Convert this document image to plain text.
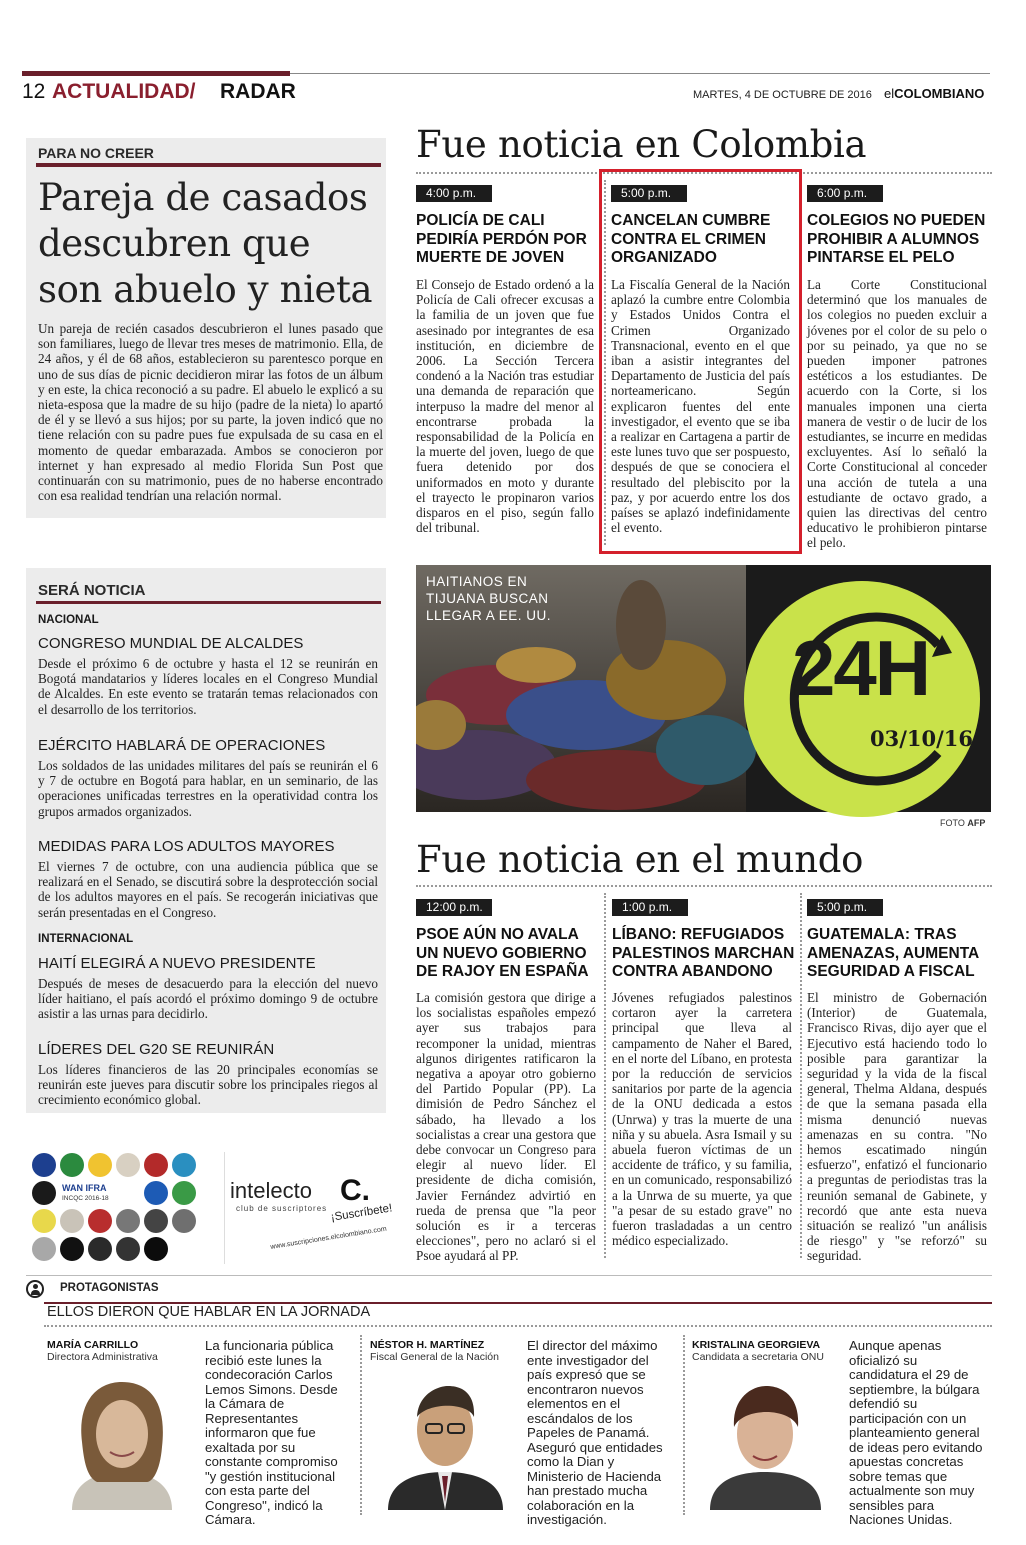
12 ACTUALIDAD/ RADAR	MARTES, 4 DE OCTUBRE DE 2016 elCOLOMBIANO
PARA NO CREER
Pareja de casados descubren que son abuelo y nieta
Un pareja de recién casados descubrieron el lunes pasado que son familiares, luego de llevar tres meses de matrimonio. Ella, de 24 años, y él de 68 años, establecieron su parentesco porque en uno de sus días de picnic decidieron mirar las fotos de un álbum y en este, la chica reconoció a su padre. El abuelo le explicó a su nieta-esposa que la madre de su hijo (padre de la nieta) lo apartó de él y se llevó a sus hijos; por su parte, la joven indicó que no tiene relación con su padre pues fue expulsada de su casa en el momento de quedar embarazada. Ambos se conocieron por internet y han expresado al medio Florida Sun Post que continuarán con su matrimonio, pues de no haberse encontrado con esa realidad tendrían una relación normal.
Fue noticia en Colombia
4:00 p.m.
POLICÍA DE CALI PEDIRÍA PERDÓN POR MUERTE DE JOVEN
El Consejo de Estado ordenó a la Policía de Cali ofrecer excusas a la familia de un joven que fue asesinado por integrantes de esa institución, en diciembre de 2006. La Sección Tercera condenó a la Nación tras estudiar una demanda de reparación que interpuso la madre del menor al encontrarse probada la responsabilidad de la Policía en la muerte del joven, luego de que fuera detenido por dos uniformados en moto y durante el trayecto le propinaron varios disparos en el piso, según fallo del tribunal.
5:00 p.m.
CANCELAN CUMBRE CONTRA EL CRIMEN ORGANIZADO
La Fiscalía General de la Nación aplazó la cumbre entre Colombia y Estados Unidos Contra el Crimen Organizado Transnacional, evento en el que iban a asistir integrantes del Departamento de Justicia del país norteamericano. Según explicaron fuentes del ente investigador, el evento que se iba a realizar en Cartagena a partir de este lunes tuvo que ser pospuesto, después de que se conociera el resultado del plebiscito por la paz, y por acuerdo entre los dos países se aplazó indefinidamente el evento.
6:00 p.m.
COLEGIOS NO PUEDEN PROHIBIR A ALUMNOS PINTARSE EL PELO
La Corte Constitucional determinó que los manuales de los colegios no pueden excluir a jóvenes por el color de su pelo o por su peinado, ya que no se pueden imponer patrones estéticos a los estudiantes. De acuerdo con la Corte, si los manuales imponen una cierta manera de vestir o de lucir de los estudiantes, se incurre en medidas excluyentes. Así lo señaló la Corte Constitucional al conceder una acción de tutela a una estudiante de octavo grado, a quien las directivas del centro educativo le prohibieron pintarse el pelo.
SERÁ NOTICIA
NACIONAL
CONGRESO MUNDIAL DE ALCALDES
Desde el próximo 6 de octubre y hasta el 12 se reunirán en Bogotá mandatarios y líderes locales en el Congreso Mundial de Alcaldes. En este evento se tratarán temas relacionados con el desarrollo de los territorios.
EJÉRCITO HABLARÁ DE OPERACIONES
Los soldados de las unidades militares del país se reunirán el 6 y 7 de octubre en Bogotá para hablar, en un seminario, de las operaciones unificadas terrestres en la operatividad contra los grupos armados organizados.
MEDIDAS PARA LOS ADULTOS MAYORES
El viernes 7 de octubre, con una audiencia pública que se realizará en el Senado, se discutirá sobre la desprotección social de los adultos mayores en el país. Se recogerán iniciativas que serán presentadas en el Congreso.
INTERNACIONAL
HAITÍ ELEGIRÁ A NUEVO PRESIDENTE
Después de meses de desacuerdo para la elección del nuevo líder haitiano, el país acordó el próximo domingo 9 de octubre asistir a las urnas para decidirlo.
LÍDERES DEL G20 SE REUNIRÁN
Los líderes financieros de las 20 principales economías se reunirán este jueves para discutir sobre los principales riegos al crecimiento económico global.
HAITIANOS EN TIJUANA BUSCAN LLEGAR A EE. UU.
24H
03/10/16
FOTO AFP
Fue noticia en el mundo
12:00 p.m.
PSOE AÚN NO AVALA UN NUEVO GOBIERNO DE RAJOY EN ESPAÑA
La comisión gestora que dirige a los socialistas españoles empezó ayer sus trabajos para recomponer la unidad, mientras algunos dirigentes ratificaron la negativa a apoyar otro gobierno del Partido Popular (PP). La dimisión de Pedro Sánchez el sábado, ha llevado a los socialistas a crear una gestora que debe convocar un Congreso para elegir al nuevo líder. El presidente de dicha comisión, Javier Fernández advirtió en rueda de prensa que "la peor solución es ir a terceras elecciones", pero no aclaró si el Psoe ayudará al PP.
1:00 p.m.
LÍBANO: REFUGIADOS PALESTINOS MARCHAN CONTRA ABANDONO
Jóvenes refugiados palestinos cortaron ayer la carretera principal que lleva al campamento de Naher el Bared, en el norte del Líbano, en protesta por la reducción de servicios sanitarios por parte de la agencia de la ONU dedicada a estos (Unrwa) y tras la muerte de una niña y su abuela. Asra Ismail y su abuela fueron víctimas de un accidente de tráfico, y su familia, en un comunicado, responsabilizó a la Unrwa de su muerte, ya que "a pesar de su estado grave" no fueron trasladadas a un centro médico especializado.
5:00 p.m.
GUATEMALA: TRAS AMENAZAS, AUMENTA SEGURIDAD A FISCAL
El ministro de Gobernación (Interior) de Guatemala, Francisco Rivas, dijo ayer que el Ejecutivo está haciendo todo lo posible para garantizar la seguridad y la vida de la fiscal general, Thelma Aldana, después de que la semana pasada ella misma denunció nuevas amenazas en su contra. "No hemos escatimado ningún esfuerzo", enfatizó el funcionario a preguntas de periodistas tras la reunión semanal de Gabinete, y recordó que ante esta nueva situación se realizó "un análisis de riesgo" y "se reforzó" su seguridad.
WAN IFRA
INCQC 2016-18	intelecto C.
club de suscriptores ¡Suscríbete!
www.suscripciones.elcolombiano.com
PROTAGONISTAS
ELLOS DIERON QUE HABLAR EN LA JORNADA
MARÍA CARRILLO
Directora Administrativa
La funcionaria pública recibió este lunes la condecoración Carlos Lemos Simons. Desde la Cámara de Representantes informaron que fue exaltada por su constante compromiso "y gestión institucional con esta parte del Congreso", indicó la Cámara.
NÉSTOR H. MARTÍNEZ
Fiscal General de la Nación
El director del máximo ente investigador del país expresó que se encontraron nuevos elementos en el escándalos de los Papeles de Panamá. Aseguró que entidades como la Dian y Ministerio de Hacienda han prestado mucha colaboración en la investigación.
KRISTALINA GEORGIEVA
Candidata a secretaria ONU
Aunque apenas oficializó su candidatura el 29 de septiembre, la búlgara defendió su participación con un planteamiento general de ideas pero evitando apuestas concretas sobre temas que actualmente son muy sensibles para Naciones Unidas.
